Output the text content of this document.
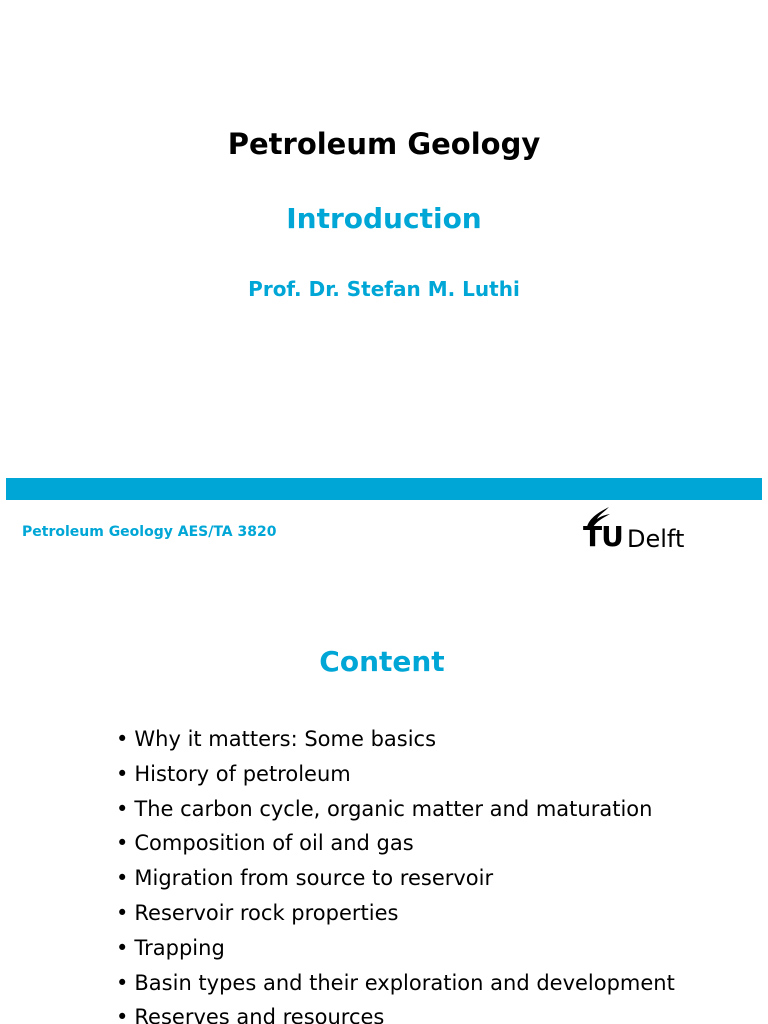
Petroleum Geology
Introduction
Prof. Dr. Stefan M. Luthi
Petroleum Geology AES/TA 3820	TU Delft
Content
• Why it matters: Some basics
• History of petroleum
• The carbon cycle, organic matter and maturation
• Composition of oil and gas
• Migration from source to reservoir
• Reservoir rock properties
• Trapping
• Basin types and their exploration and development
• Reserves and resources
